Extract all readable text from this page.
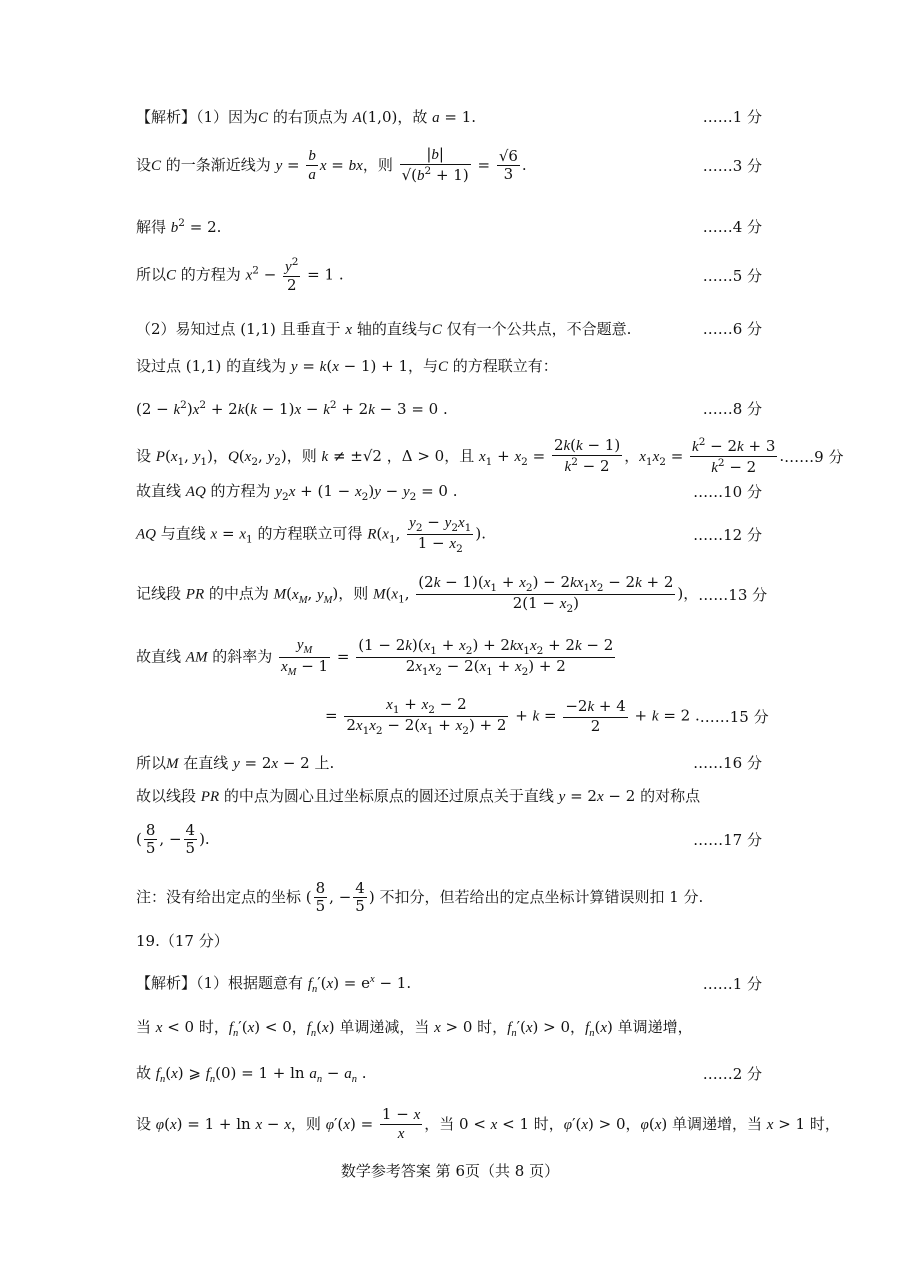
【解析】（1）因为C 的右顶点为 A(1,0)，故 a = 1.	……1 分
设C 的一条渐近线为 $y = \frac{b}{a}$ x = bx，则 $\frac{|b|}{√(b^2 + 1)} = \frac{√6}{3}$ .	……3 分
解得 $b^2 = 2$.	……4 分
所以C 的方程为 $x^2 - \frac{y^2}{2} = 1$ .	……5 分
（2）易知过点 (1,1) 且垂直于 x 轴的直线与C 仅有一个公共点，不合题意.	……6 分
设过点 (1,1) 的直线为 y = k(x − 1) + 1，与C 的方程联立有：
$(2 - k^2)x^2 + 2k(k - 1)x - k^2 + 2k - 3 = 0$ .	……8 分
设 $P(x_1$, $y_1$)，$Q(x_2$, $y_2$)，则 k ≠ ±√2 ，Δ > 0，且 $x_1 + x_2 = \frac{2k(k - 1)}{k^2 - 2}$ ，$x_1x_2 = \frac{k^2 - 2k + 3}{k^2 - 2}$ . ……9 分
故直线 AQ 的方程为 $y_2x + (1 - x_2)y - y_2 = 0$ .	……10 分
AQ 与直线 $x = x_1$ 的方程联立可得 $R(x_1$, $\frac{y_2 - y_2x_1}{1 - x_2}$ ).	……12 分
记线段 PR 的中点为 $M(x_M$, $y_M$)，则 $M(x_1$, $\frac{(2k - 1)(x_1 + x_2) - 2kx_1x_2 - 2k + 2}{2(1 - x_2)}$ )， ……13 分
故直线 AM 的斜率为 $\frac{y_M}{x_M - 1} = \frac{(1 - 2k)(x_1 + x_2) + 2kx_1x_2 + 2k - 2}{2x_1x_2 - 2(x_1 + x_2) + 2}$
= $\frac{x_1 + x_2 - 2}{2x_1x_2 - 2(x_1 + x_2) + 2} + k = \frac{-2k + 4}{2} + k = 2$ . ……15 分
所以M 在直线 y = 2x − 2 上.	……16 分
故以线段 PR 的中点为圆心且过坐标原点的圆还过原点关于直线 y = 2x − 2 的对称点
( $\frac{8}{5}$ , − $\frac{4}{5}$ ).	……17 分
注：没有给出定点的坐标 ( $\frac{8}{5}$ , − $\frac{4}{5}$ ) 不扣分，但若给出的定点坐标计算错误则扣 1 分.
19.（17 分）
【解析】（1）根据题意有 $f_n'(x) = e^x - 1$.	……1 分
当 x < 0 时，$f_n'(x) < 0$，$f_n(x)$ 单调递减，当 x > 0 时，$f_n'(x) > 0$，$f_n(x)$ 单调递增，
故 $f_n(x)$ ⩾ $f_n(0) = 1 + \ln a_n - a_n$ .	……2 分
设 φ(x) = 1 + ln x − x，则 $\varphi'(x) = \frac{1 - x}{x}$ ，当 0 < x < 1 时，φ′(x) > 0，φ(x) 单调递增，当 x > 1 时，
数学参考答案 第 6页（共 8 页）
